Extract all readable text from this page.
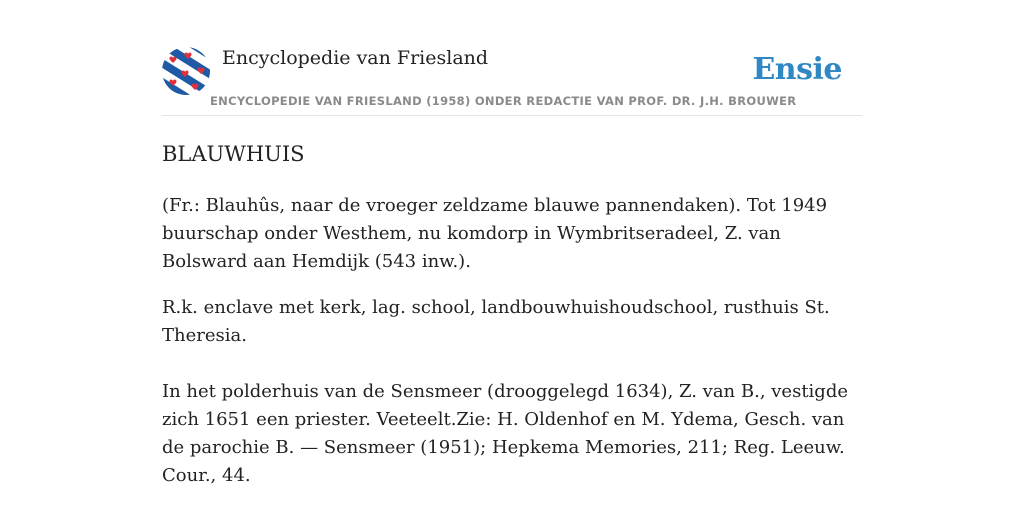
Encyclopedie van Friesland
ENCYCLOPEDIE VAN FRIESLAND (1958) ONDER REDACTIE VAN PROF. DR. J.H. BROUWER
Ensie
BLAUWHUIS

(Fr.: Blauhûs, naar de vroeger zeldzame blauwe pannendaken). Tot 1949 buurschap onder Westhem, nu komdorp in Wymbritseradeel, Z. van Bolsward aan Hemdijk (543 inw.).

R.k. enclave met kerk, lag. school, landbouwhuishoudschool, rusthuis St. Theresia.

In het polderhuis van de Sensmeer (drooggelegd 1634), Z. van B., vestigde zich 1651 een priester. Veeteelt.Zie: H. Oldenhof en M. Ydema, Gesch. van de parochie B. — Sensmeer (1951); Hepkema Memories, 211; Reg. Leeuw. Cour., 44.
